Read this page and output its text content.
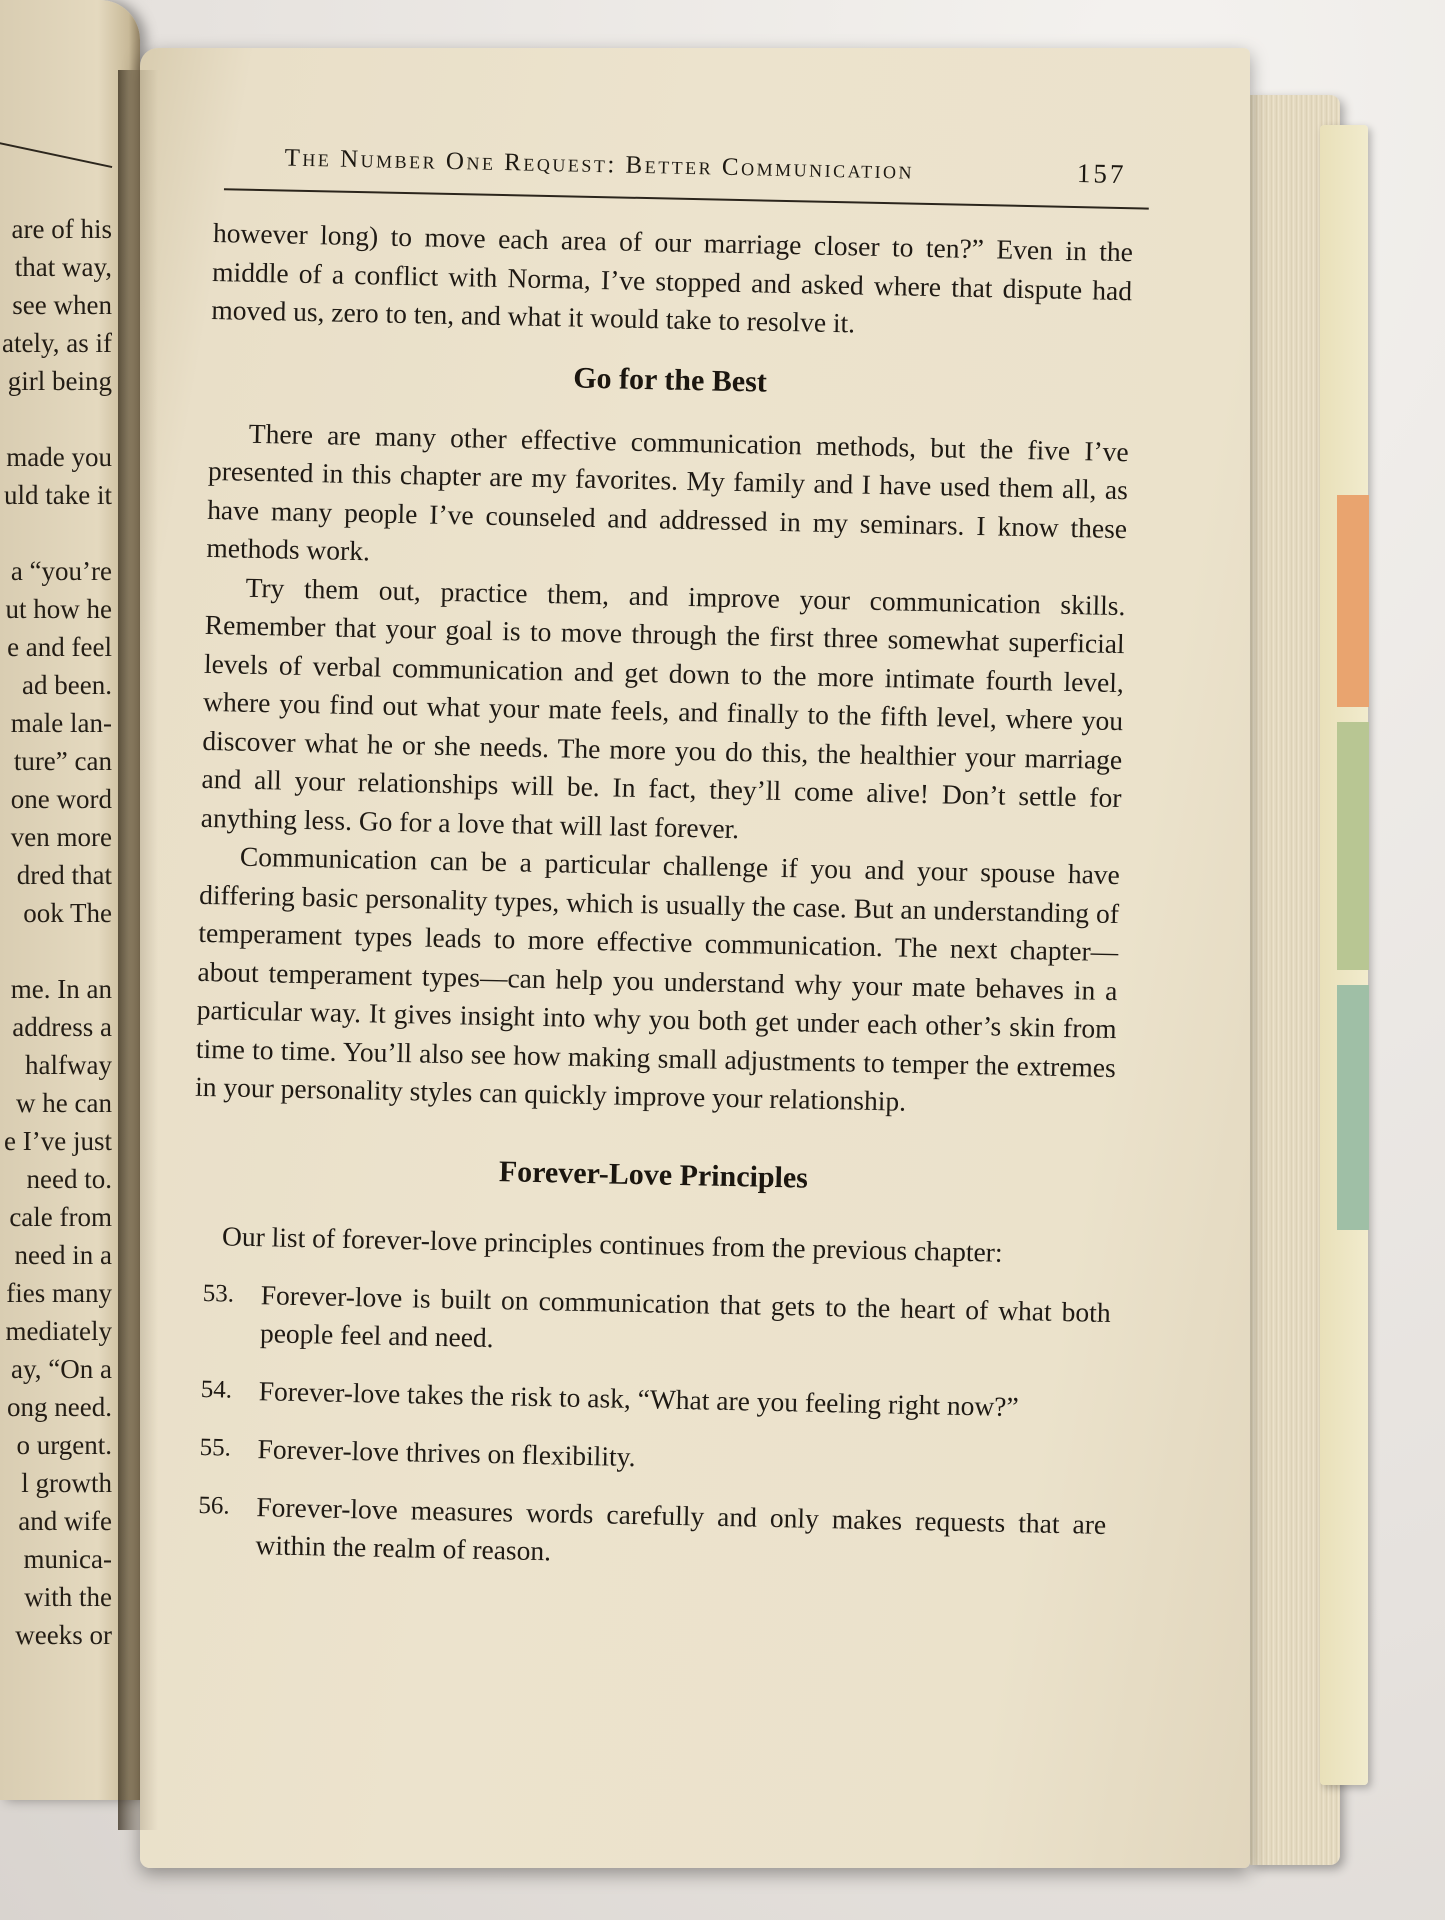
are of his
that way,
see when
ately, as if
girl being
made you
uld take it
a “you’re
ut how he
e and feel
ad been.
male lan-
ture” can
one word
ven more
dred that
ook The
me. In an
address a
halfway
w he can
e I’ve just
need to.
cale from
need in a
fies many
mediately
ay, “On a
ong need.
o urgent.
l growth
and wife
munica-
with the
weeks or
The Number One Request: Better Communication	157

however long) to move each area of our marriage closer to ten?” Even in the middle of a conflict with Norma, I’ve stopped and asked where that dispute had moved us, zero to ten, and what it would take to resolve it.

Go for the Best

There are many other effective communication methods, but the five I’ve presented in this chapter are my favorites. My family and I have used them all, as have many people I’ve counseled and addressed in my seminars. I know these methods work.

Try them out, practice them, and improve your communication skills. Remember that your goal is to move through the first three somewhat superficial levels of verbal communication and get down to the more intimate fourth level, where you find out what your mate feels, and finally to the fifth level, where you discover what he or she needs. The more you do this, the healthier your marriage and all your relationships will be. In fact, they’ll come alive! Don’t settle for anything less. Go for a love that will last forever.

Communication can be a particular challenge if you and your spouse have differing basic personality types, which is usually the case. But an understanding of temperament types leads to more effective communication. The next chapter—about temperament types—can help you understand why your mate behaves in a particular way. It gives insight into why you both get under each other’s skin from time to time. You’ll also see how making small adjustments to temper the extremes in your personality styles can quickly improve your relationship.

Forever-Love Principles

Our list of forever-love principles continues from the previous chapter:

53. Forever-love is built on communication that gets to the heart of what both people feel and need.
54. Forever-love takes the risk to ask, “What are you feeling right now?”
55. Forever-love thrives on flexibility.
56. Forever-love measures words carefully and only makes requests that are within the realm of reason.
